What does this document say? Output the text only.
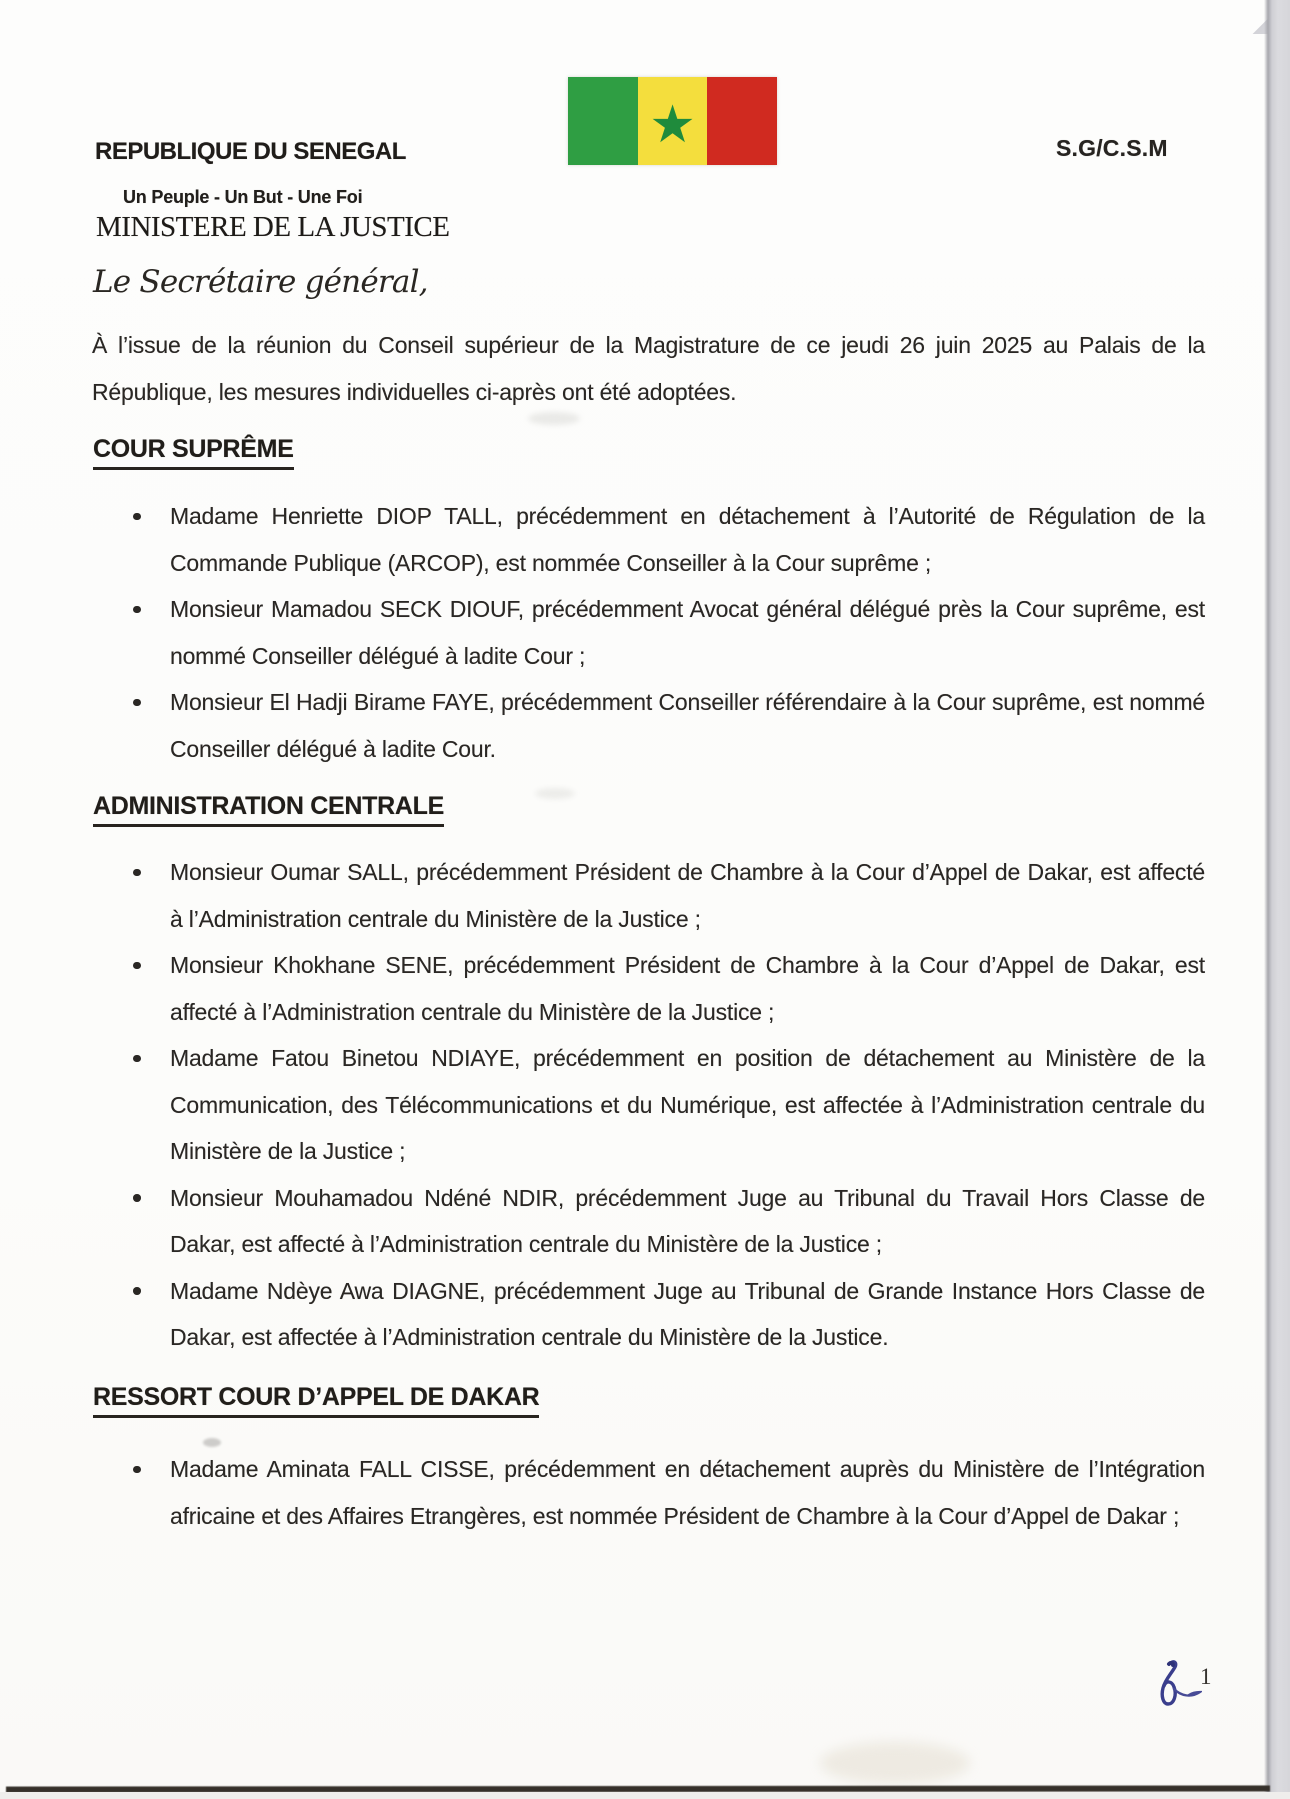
REPUBLIQUE DU SENEGAL	S.G/C.S.M
Un Peuple - Un But - Une Foi
MINISTERE DE LA JUSTICE
★
Le Secrétaire général,
À l’issue de la réunion du Conseil supérieur de la Magistrature de ce jeudi 26 juin 2025 au Palais de la République, les mesures individuelles ci-après ont été adoptées.
COUR SUPRÊME
Madame Henriette DIOP TALL, précédemment en détachement à l’Autorité de Régulation de la Commande Publique (ARCOP), est nommée Conseiller à la Cour suprême ;
Monsieur Mamadou SECK DIOUF, précédemment Avocat général délégué près la Cour suprême, est nommé Conseiller délégué à ladite Cour ;
Monsieur El Hadji Birame FAYE, précédemment Conseiller référendaire à la Cour suprême, est nommé Conseiller délégué à ladite Cour.
ADMINISTRATION CENTRALE
Monsieur Oumar SALL, précédemment Président de Chambre à la Cour d’Appel de Dakar, est affecté à l’Administration centrale du Ministère de la Justice ;
Monsieur Khokhane SENE, précédemment Président de Chambre à la Cour d’Appel de Dakar, est affecté à l’Administration centrale du Ministère de la Justice ;
Madame Fatou Binetou NDIAYE, précédemment en position de détachement au Ministère de la Communication, des Télécommunications et du Numérique, est affectée à l’Administration centrale du Ministère de la Justice ;
Monsieur Mouhamadou Ndéné NDIR, précédemment Juge au Tribunal du Travail Hors Classe de Dakar, est affecté à l’Administration centrale du Ministère de la Justice ;
Madame Ndèye Awa DIAGNE, précédemment Juge au Tribunal de Grande Instance Hors Classe de Dakar, est affectée à l’Administration centrale du Ministère de la Justice.
RESSORT COUR D’APPEL DE DAKAR
Madame Aminata FALL CISSE, précédemment en détachement auprès du Ministère de l’Intégration africaine et des Affaires Etrangères, est nommée Président de Chambre à la Cour d’Appel de Dakar ;
1
